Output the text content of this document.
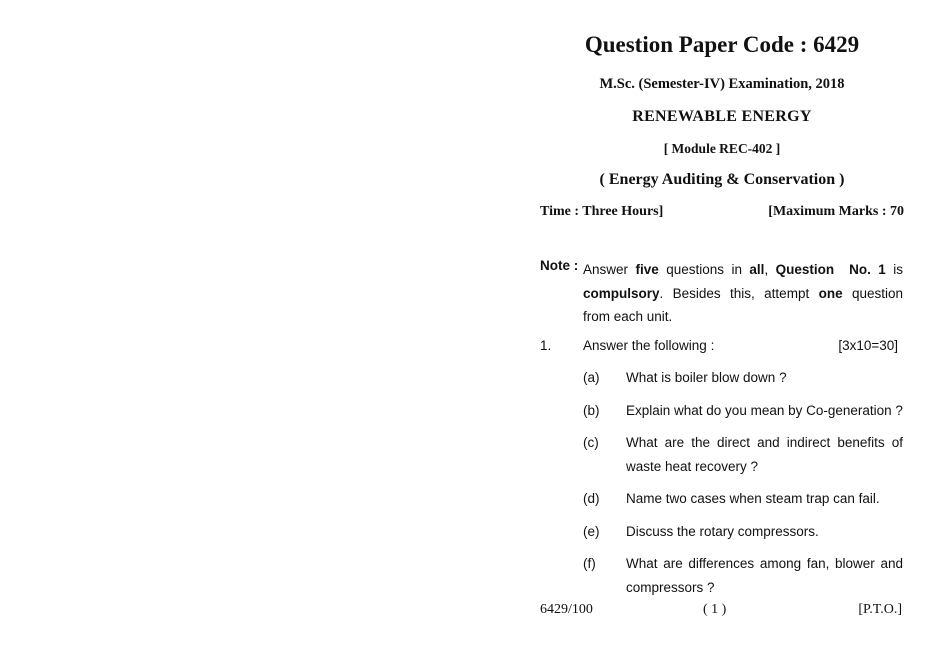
Question Paper Code : 6429
M.Sc. (Semester-IV) Examination, 2018
RENEWABLE ENERGY
[ Module REC-402 ]
( Energy Auditing & Conservation )
Time : Three Hours]	[Maximum Marks : 70
Note : Answer five questions in all, Question  No. 1 is compulsory. Besides this, attempt one question from each unit.
1. Answer the following :	[3x10=30]
(a) What is boiler blow down ?
(b) Explain what do you mean by Co-generation ?
(c) What are the direct and indirect benefits of waste heat recovery ?
(d) Name two cases when steam trap can fail.
(e) Discuss the rotary compressors.
(f) What are differences among fan, blower and compressors ?
6429/100	( 1 )	[P.T.O.]
